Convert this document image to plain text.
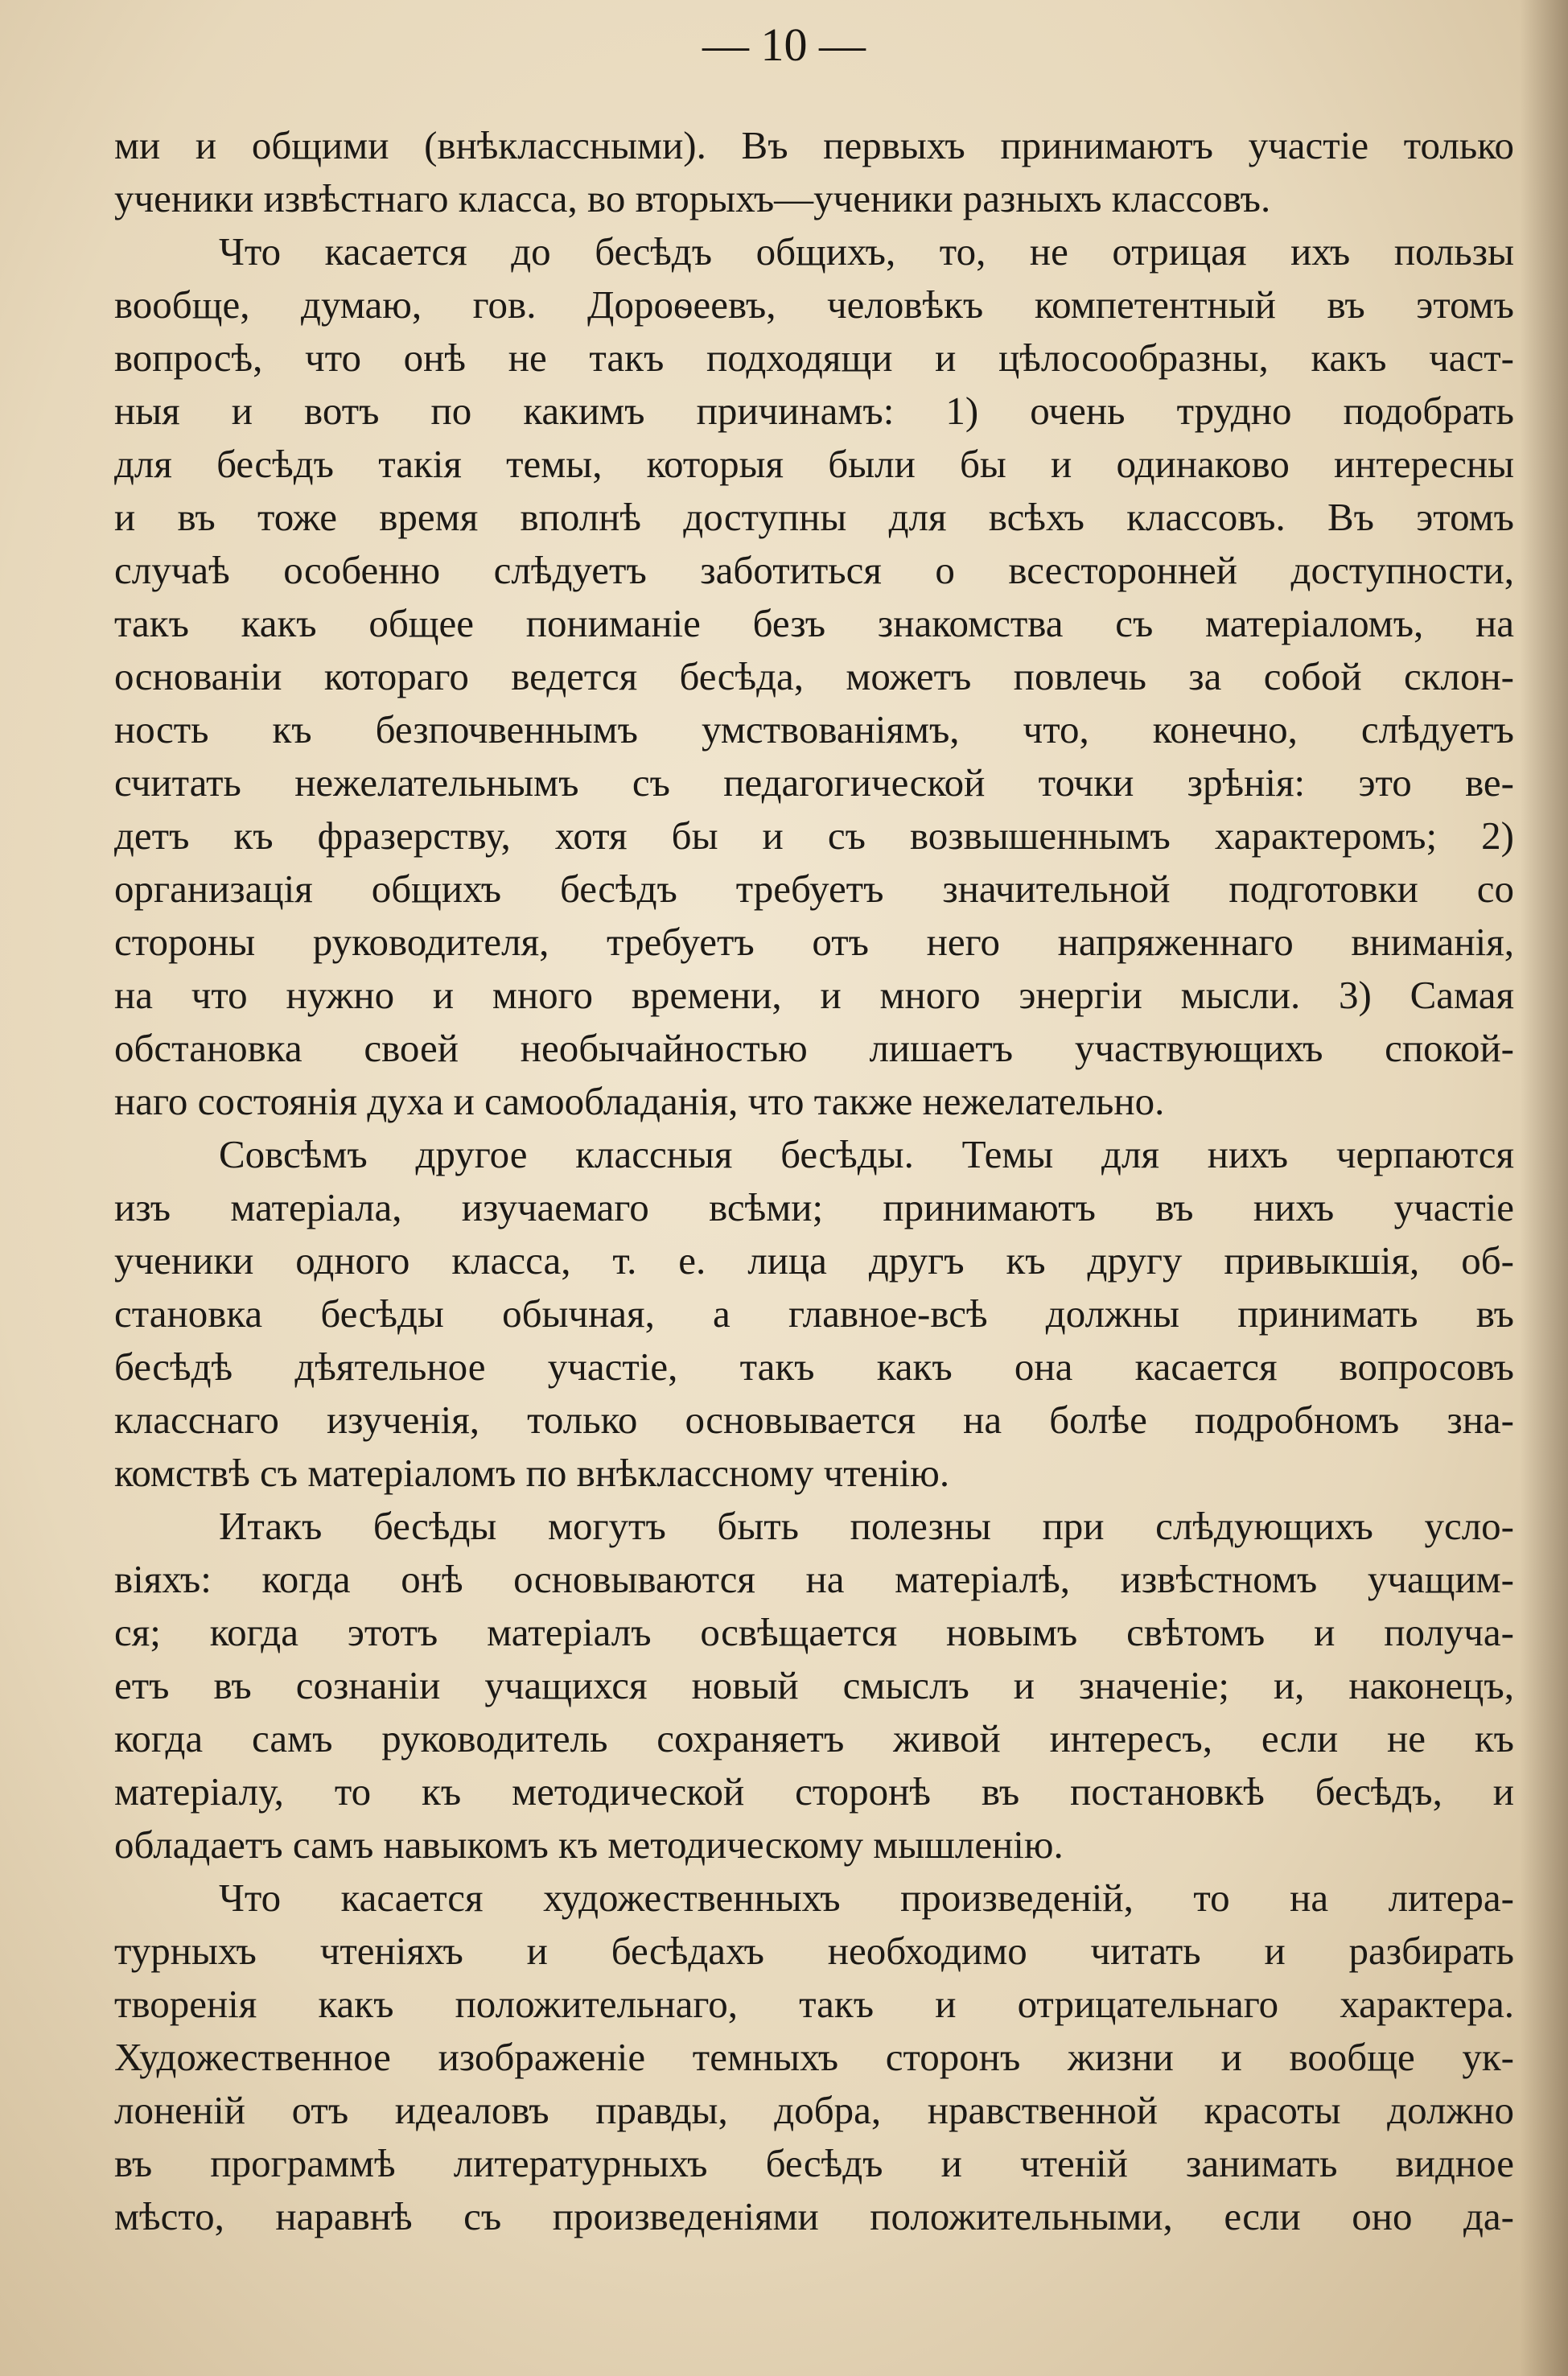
— 10 —
ми и общими (внѣклассными). Въ первыхъ принимаютъ участіе только
ученики извѣстнаго класса, во вторыхъ—ученики разныхъ классовъ.
Что касается до бесѣдъ общихъ, то, не отрицая ихъ пользы
вообще, думаю, гов. Дороѳеевъ, человѣкъ компетентный въ этомъ
вопросѣ, что онѣ не такъ подходящи и цѣлосообразны, какъ част-
ныя и вотъ по какимъ причинамъ: 1) очень трудно подобрать
для бесѣдъ такія темы, которыя были бы и одинаково интересны
и въ тоже время вполнѣ доступны для всѣхъ классовъ. Въ этомъ
случаѣ особенно слѣдуетъ заботиться о всесторонней доступности,
такъ какъ общее пониманіе безъ знакомства съ матеріаломъ, на
основаніи котораго ведется бесѣда, можетъ повлечь за собой склон-
ность къ безпочвеннымъ умствованіямъ, что, конечно, слѣдуетъ
считать нежелательнымъ съ педагогической точки зрѣнія: это ве-
детъ къ фразерству, хотя бы и съ возвышеннымъ характеромъ; 2)
организація общихъ бесѣдъ требуетъ значительной подготовки со
стороны руководителя, требуетъ отъ него напряженнаго вниманія,
на что нужно и много времени, и много энергіи мысли. 3) Самая
обстановка своей необычайностью лишаетъ участвующихъ спокой-
наго состоянія духа и самообладанія, что также нежелательно.
Совсѣмъ другое классныя бесѣды. Темы для нихъ черпаются
изъ матеріала, изучаемаго всѣми; принимаютъ въ нихъ участіе
ученики одного класса, т. е. лица другъ къ другу привыкшія, об-
становка бесѣды обычная, а главное-всѣ должны принимать въ
бесѣдѣ дѣятельное участіе, такъ какъ она касается вопросовъ
класснаго изученія, только основывается на болѣе подробномъ зна-
комствѣ съ матеріаломъ по внѣклассному чтенію.
Итакъ бесѣды могутъ быть полезны при слѣдующихъ усло-
віяхъ: когда онѣ основываются на матеріалѣ, извѣстномъ учащим-
ся; когда этотъ матеріалъ освѣщается новымъ свѣтомъ и получа-
етъ въ сознаніи учащихся новый смыслъ и значеніе; и, наконецъ,
когда самъ руководитель сохраняетъ живой интересъ, если не къ
матеріалу, то къ методической сторонѣ въ постановкѣ бесѣдъ, и
обладаетъ самъ навыкомъ къ методическому мышленію.
Что касается художественныхъ произведеній, то на литера-
турныхъ чтеніяхъ и бесѣдахъ необходимо читать и разбирать
творенія какъ положительнаго, такъ и отрицательнаго характера.
Художественное изображеніе темныхъ сторонъ жизни и вообще ук-
лоненій отъ идеаловъ правды, добра, нравственной красоты должно
въ программѣ литературныхъ бесѣдъ и чтеній занимать видное
мѣсто, наравнѣ съ произведеніями положительными, если оно да-
